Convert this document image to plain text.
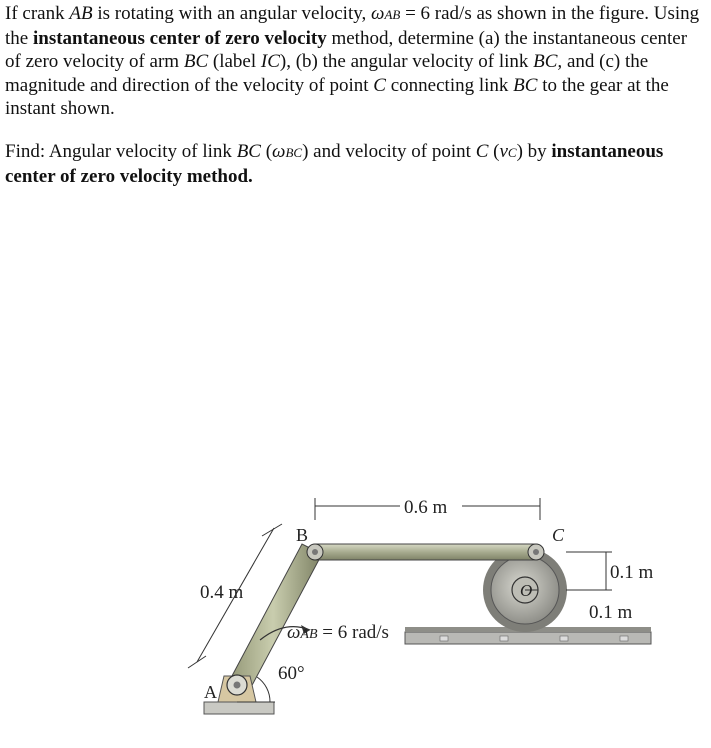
If crank AB is rotating with an angular velocity, ωAB = 6 rad/s as shown in the figure. Using the instantaneous center of zero velocity method, determine (a) the instantaneous center of zero velocity of arm BC (label IC), (b) the angular velocity of link BC, and (c) the magnitude and direction of the velocity of point C connecting link BC to the gear at the instant shown.
Find: Angular velocity of link BC (ωBC) and velocity of point C (vC) by instantaneous center of zero velocity method.
0.6 m
0.4 m
0.1 m
0.1 m
B	C
O
A
ωAB = 6 rad/s
60°
